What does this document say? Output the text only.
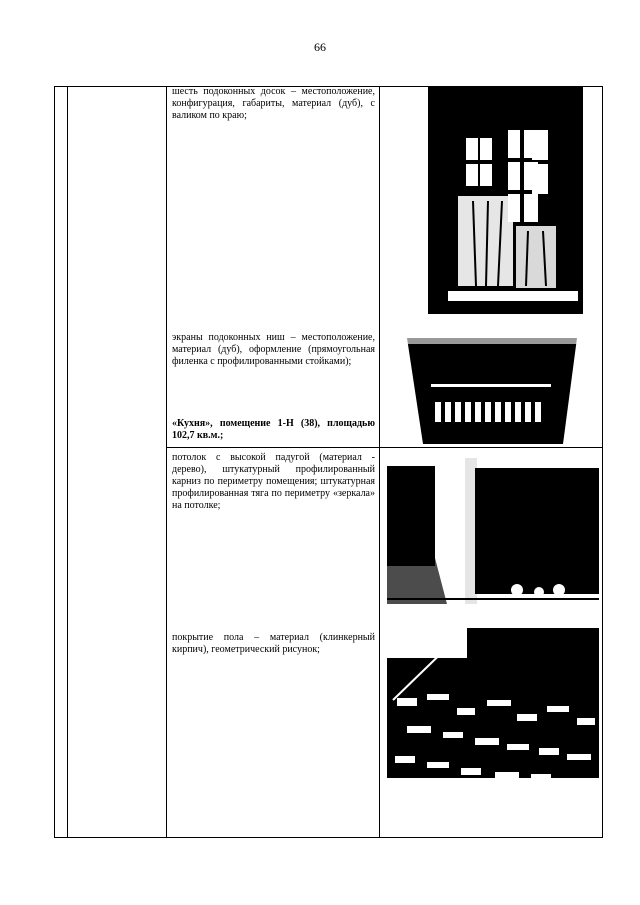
66
шесть подоконных досок – местоположение, конфигурация, габариты, материал (дуб), с валиком по краю;
экраны подоконных ниш – местоположение, материал (дуб), оформление (прямоугольная филенка с профилированными стойками);
«Кухня», помещение 1-Н (38), площадью 102,7 кв.м.;
потолок с высокой падугой (материал - дерево), штукатурный профилированный карниз по периметру помещения; штукатурная профилированная тяга по периметру «зеркала» на потолке;
покрытие пола – материал (клинкерный кирпич), геометрический рисунок;
